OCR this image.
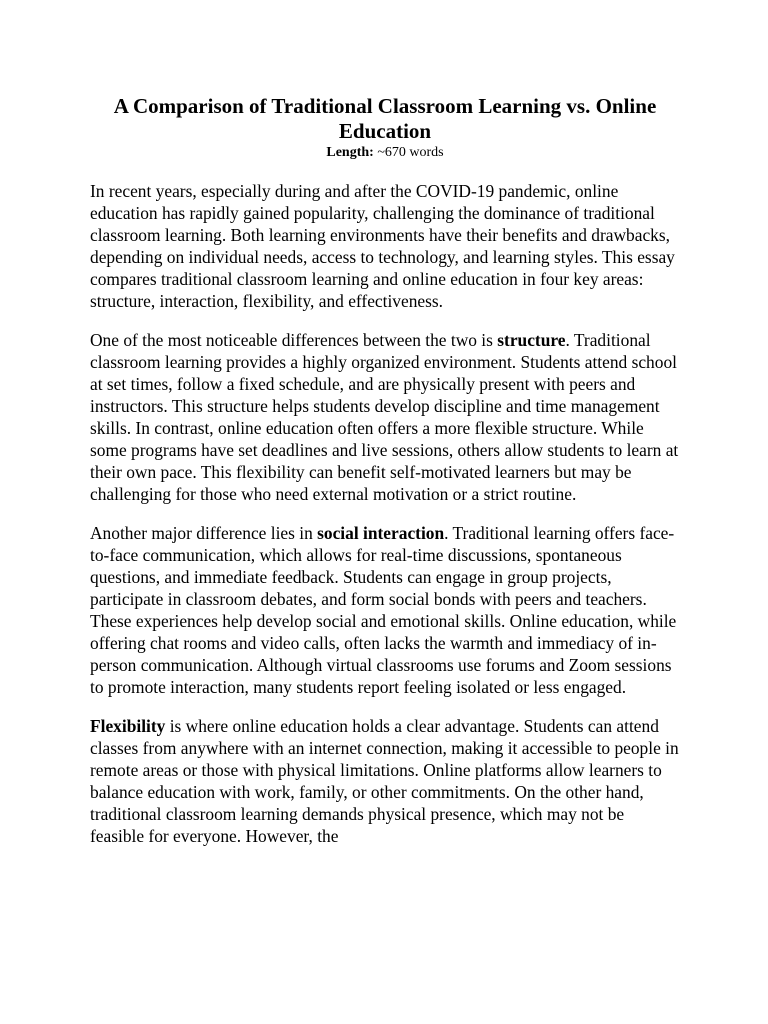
A Comparison of Traditional Classroom Learning vs. Online Education
Length: ~670 words

In recent years, especially during and after the COVID-19 pandemic, online education has rapidly gained popularity, challenging the dominance of traditional classroom learning. Both learning environments have their benefits and drawbacks, depending on individual needs, access to technology, and learning styles. This essay compares traditional classroom learning and online education in four key areas: structure, interaction, flexibility, and effectiveness.

One of the most noticeable differences between the two is structure. Traditional classroom learning provides a highly organized environment. Students attend school at set times, follow a fixed schedule, and are physically present with peers and instructors. This structure helps students develop discipline and time management skills. In contrast, online education often offers a more flexible structure. While some programs have set deadlines and live sessions, others allow students to learn at their own pace. This flexibility can benefit self-motivated learners but may be challenging for those who need external motivation or a strict routine.

Another major difference lies in social interaction. Traditional learning offers face-to-face communication, which allows for real-time discussions, spontaneous questions, and immediate feedback. Students can engage in group projects, participate in classroom debates, and form social bonds with peers and teachers. These experiences help develop social and emotional skills. Online education, while offering chat rooms and video calls, often lacks the warmth and immediacy of in-person communication. Although virtual classrooms use forums and Zoom sessions to promote interaction, many students report feeling isolated or less engaged.

Flexibility is where online education holds a clear advantage. Students can attend classes from anywhere with an internet connection, making it accessible to people in remote areas or those with physical limitations. Online platforms allow learners to balance education with work, family, or other commitments. On the other hand, traditional classroom learning demands physical presence, which may not be feasible for everyone. However, the
